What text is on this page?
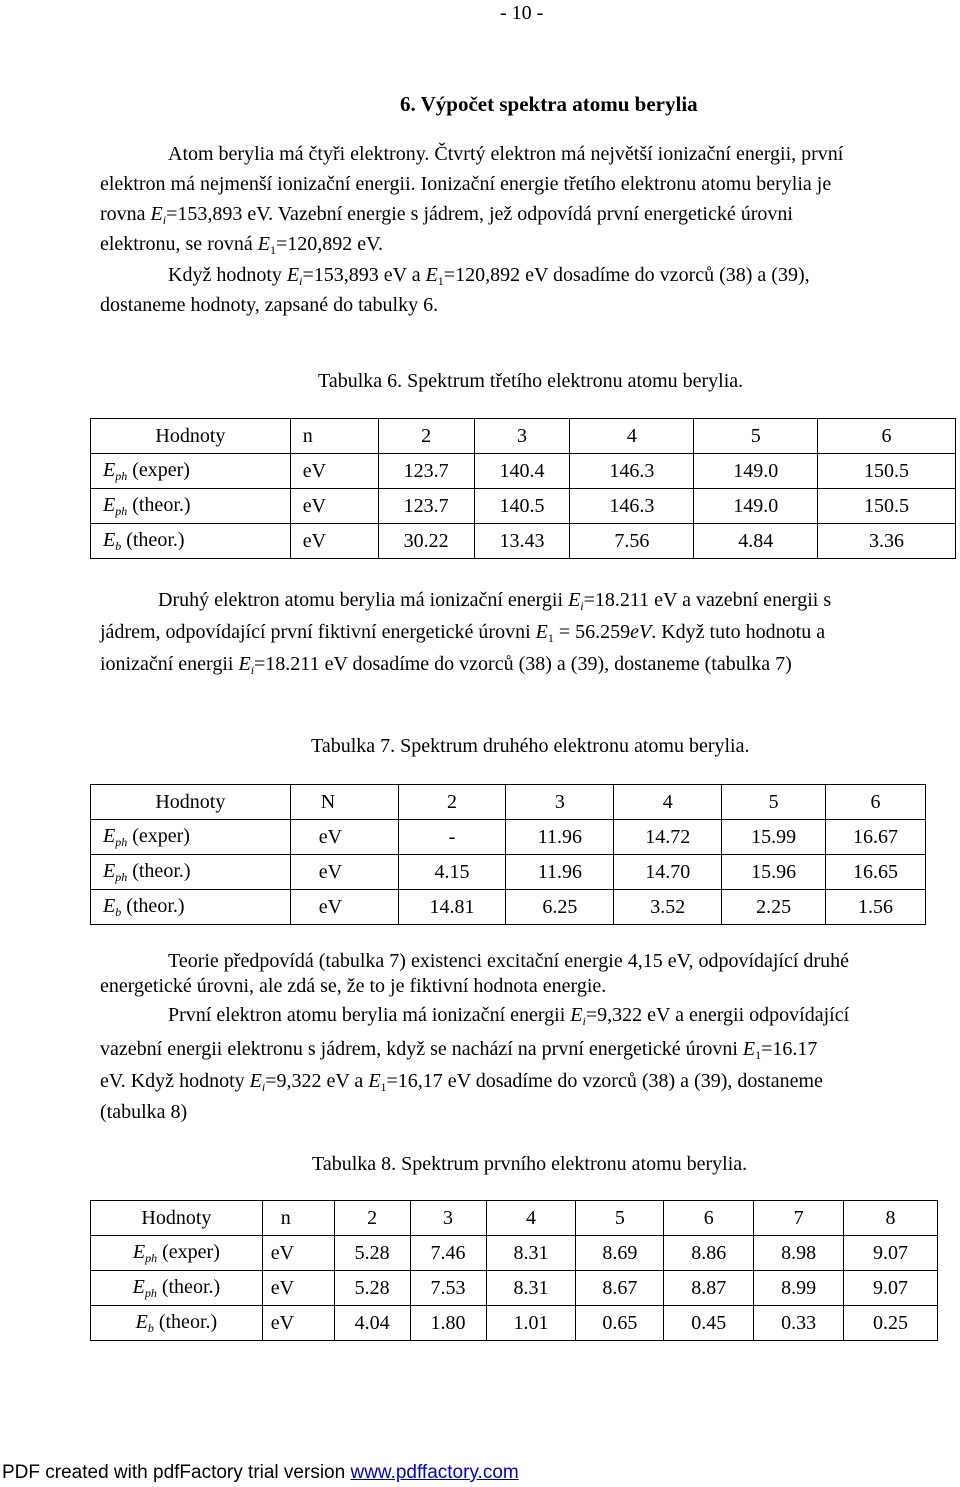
- 10 -
6. Výpočet spektra atomu berylia
Atom berylia má čtyři elektrony. Čtvrtý elektron má největší ionizační energii, první
elektron má nejmenší ionizační energii. Ionizační energie třetího elektronu atomu berylia je
rovna $E_i=153,893$ eV. Vazební energie s jádrem, jež odpovídá první energetické úrovni
elektronu, se rovná $E_1=120,892$ eV.
Když hodnoty $E_i=153,893$ eV a $E_1=120,892$ eV dosadíme do vzorců (38) a (39),
dostaneme hodnoty, zapsané do tabulky 6.
Tabulka 6. Spektrum třetího elektronu atomu berylia.
Hodnoty	n	2	3	4	5	6
$E_{ph}$ (exper)	eV	123.7	140.4	146.3	149.0	150.5
$E_{ph}$ (theor.)	eV	123.7	140.5	146.3	149.0	150.5
$E_b$ (theor.)	eV	30.22	13.43	7.56	4.84	3.36
Druhý elektron atomu berylia má ionizační energii $E_i=18.211$ eV a vazební energii s
jádrem, odpovídající první fiktivní energetické úrovni $E_1 = 56.259eV$. Když tuto hodnotu a
ionizační energii $E_i=18.211$ eV dosadíme do vzorců (38) a (39), dostaneme (tabulka 7)
Tabulka 7. Spektrum druhého elektronu atomu berylia.
Hodnoty	N	2	3	4	5	6
$E_{ph}$ (exper)	eV	-	11.96	14.72	15.99	16.67
$E_{ph}$ (theor.)	eV	4.15	11.96	14.70	15.96	16.65
$E_b$ (theor.)	eV	14.81	6.25	3.52	2.25	1.56
Teorie předpovídá (tabulka 7) existenci excitační energie 4,15 eV, odpovídající druhé
energetické úrovni, ale zdá se, že to je fiktivní hodnota energie.
První elektron atomu berylia má ionizační energii $E_i=9,322$ eV a energii odpovídající
vazební energii elektronu s jádrem, když se nachází na první energetické úrovni $E_1=16.17$
eV. Když hodnoty $E_i=9,322$ eV a $E_1=16,17$ eV dosadíme do vzorců (38) a (39), dostaneme
(tabulka 8)
Tabulka 8. Spektrum prvního elektronu atomu berylia.
Hodnoty	n	2	3	4	5	6	7	8
$E_{ph}$ (exper)	eV	5.28	7.46	8.31	8.69	8.86	8.98	9.07
$E_{ph}$ (theor.)	eV	5.28	7.53	8.31	8.67	8.87	8.99	9.07
$E_b$ (theor.)	eV	4.04	1.80	1.01	0.65	0.45	0.33	0.25
PDF created with pdfFactory trial version www.pdffactory.com
